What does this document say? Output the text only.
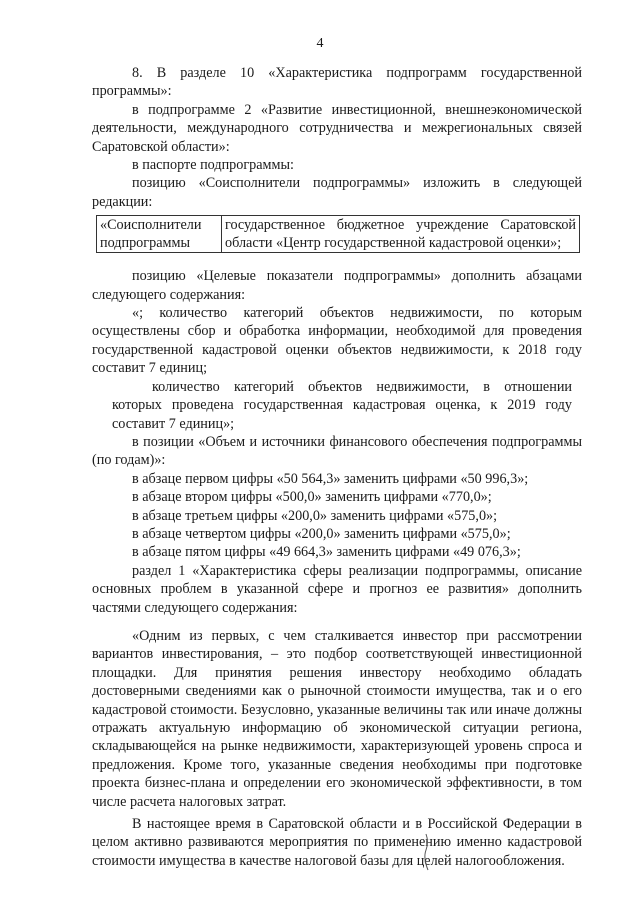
4

8. В разделе 10 «Характеристика подпрограмм государственной программы»:

в подпрограмме 2 «Развитие инвестиционной, внешнеэкономической деятельности, международного сотрудничества и межрегиональных связей Саратовской области»:

в паспорте подпрограммы:

позицию «Соисполнители подпрограммы» изложить в следующей редакции:

«Соисполнители подпрограммы	государственное бюджетное учреждение Саратовской области «Центр государственной кадастровой оценки»;

позицию «Целевые показатели подпрограммы» дополнить абзацами следующего содержания:

«; количество категорий объектов недвижимости, по которым осуществлены сбор и обработка информации, необходимой для проведения государственной кадастровой оценки объектов недвижимости, к 2018 году составит 7 единиц;

количество категорий объектов недвижимости, в отношении которых проведена государственная кадастровая оценка, к 2019 году составит 7 единиц»;

в позиции «Объем и источники финансового обеспечения подпрограммы (по годам)»:

в абзаце первом цифры «50 564,3» заменить цифрами «50 996,3»;

в абзаце втором цифры «500,0» заменить цифрами «770,0»;

в абзаце третьем цифры «200,0» заменить цифрами «575,0»;

в абзаце четвертом цифры «200,0» заменить цифрами «575,0»;

в абзаце пятом цифры «49 664,3» заменить цифрами «49 076,3»;

раздел 1 «Характеристика сферы реализации подпрограммы, описание основных проблем в указанной сфере и прогноз ее развития» дополнить частями следующего содержания:

«Одним из первых, с чем сталкивается инвестор при рассмотрении вариантов инвестирования, – это подбор соответствующей инвестиционной площадки. Для принятия решения инвестору необходимо обладать достоверными сведениями как о рыночной стоимости имущества, так и о его кадастровой стоимости. Безусловно, указанные величины так или иначе должны отражать актуальную информацию об экономической ситуации региона, складывающейся на рынке недвижимости, характеризующей уровень спроса и предложения. Кроме того, указанные сведения необходимы при подготовке проекта бизнес-плана и определении его экономической эффективности, в том числе расчета налоговых затрат.

В настоящее время в Саратовской области и в Российской Федерации в целом активно развиваются мероприятия по применению именно кадастровой стоимости имущества в качестве налоговой базы для целей налогообложения.
